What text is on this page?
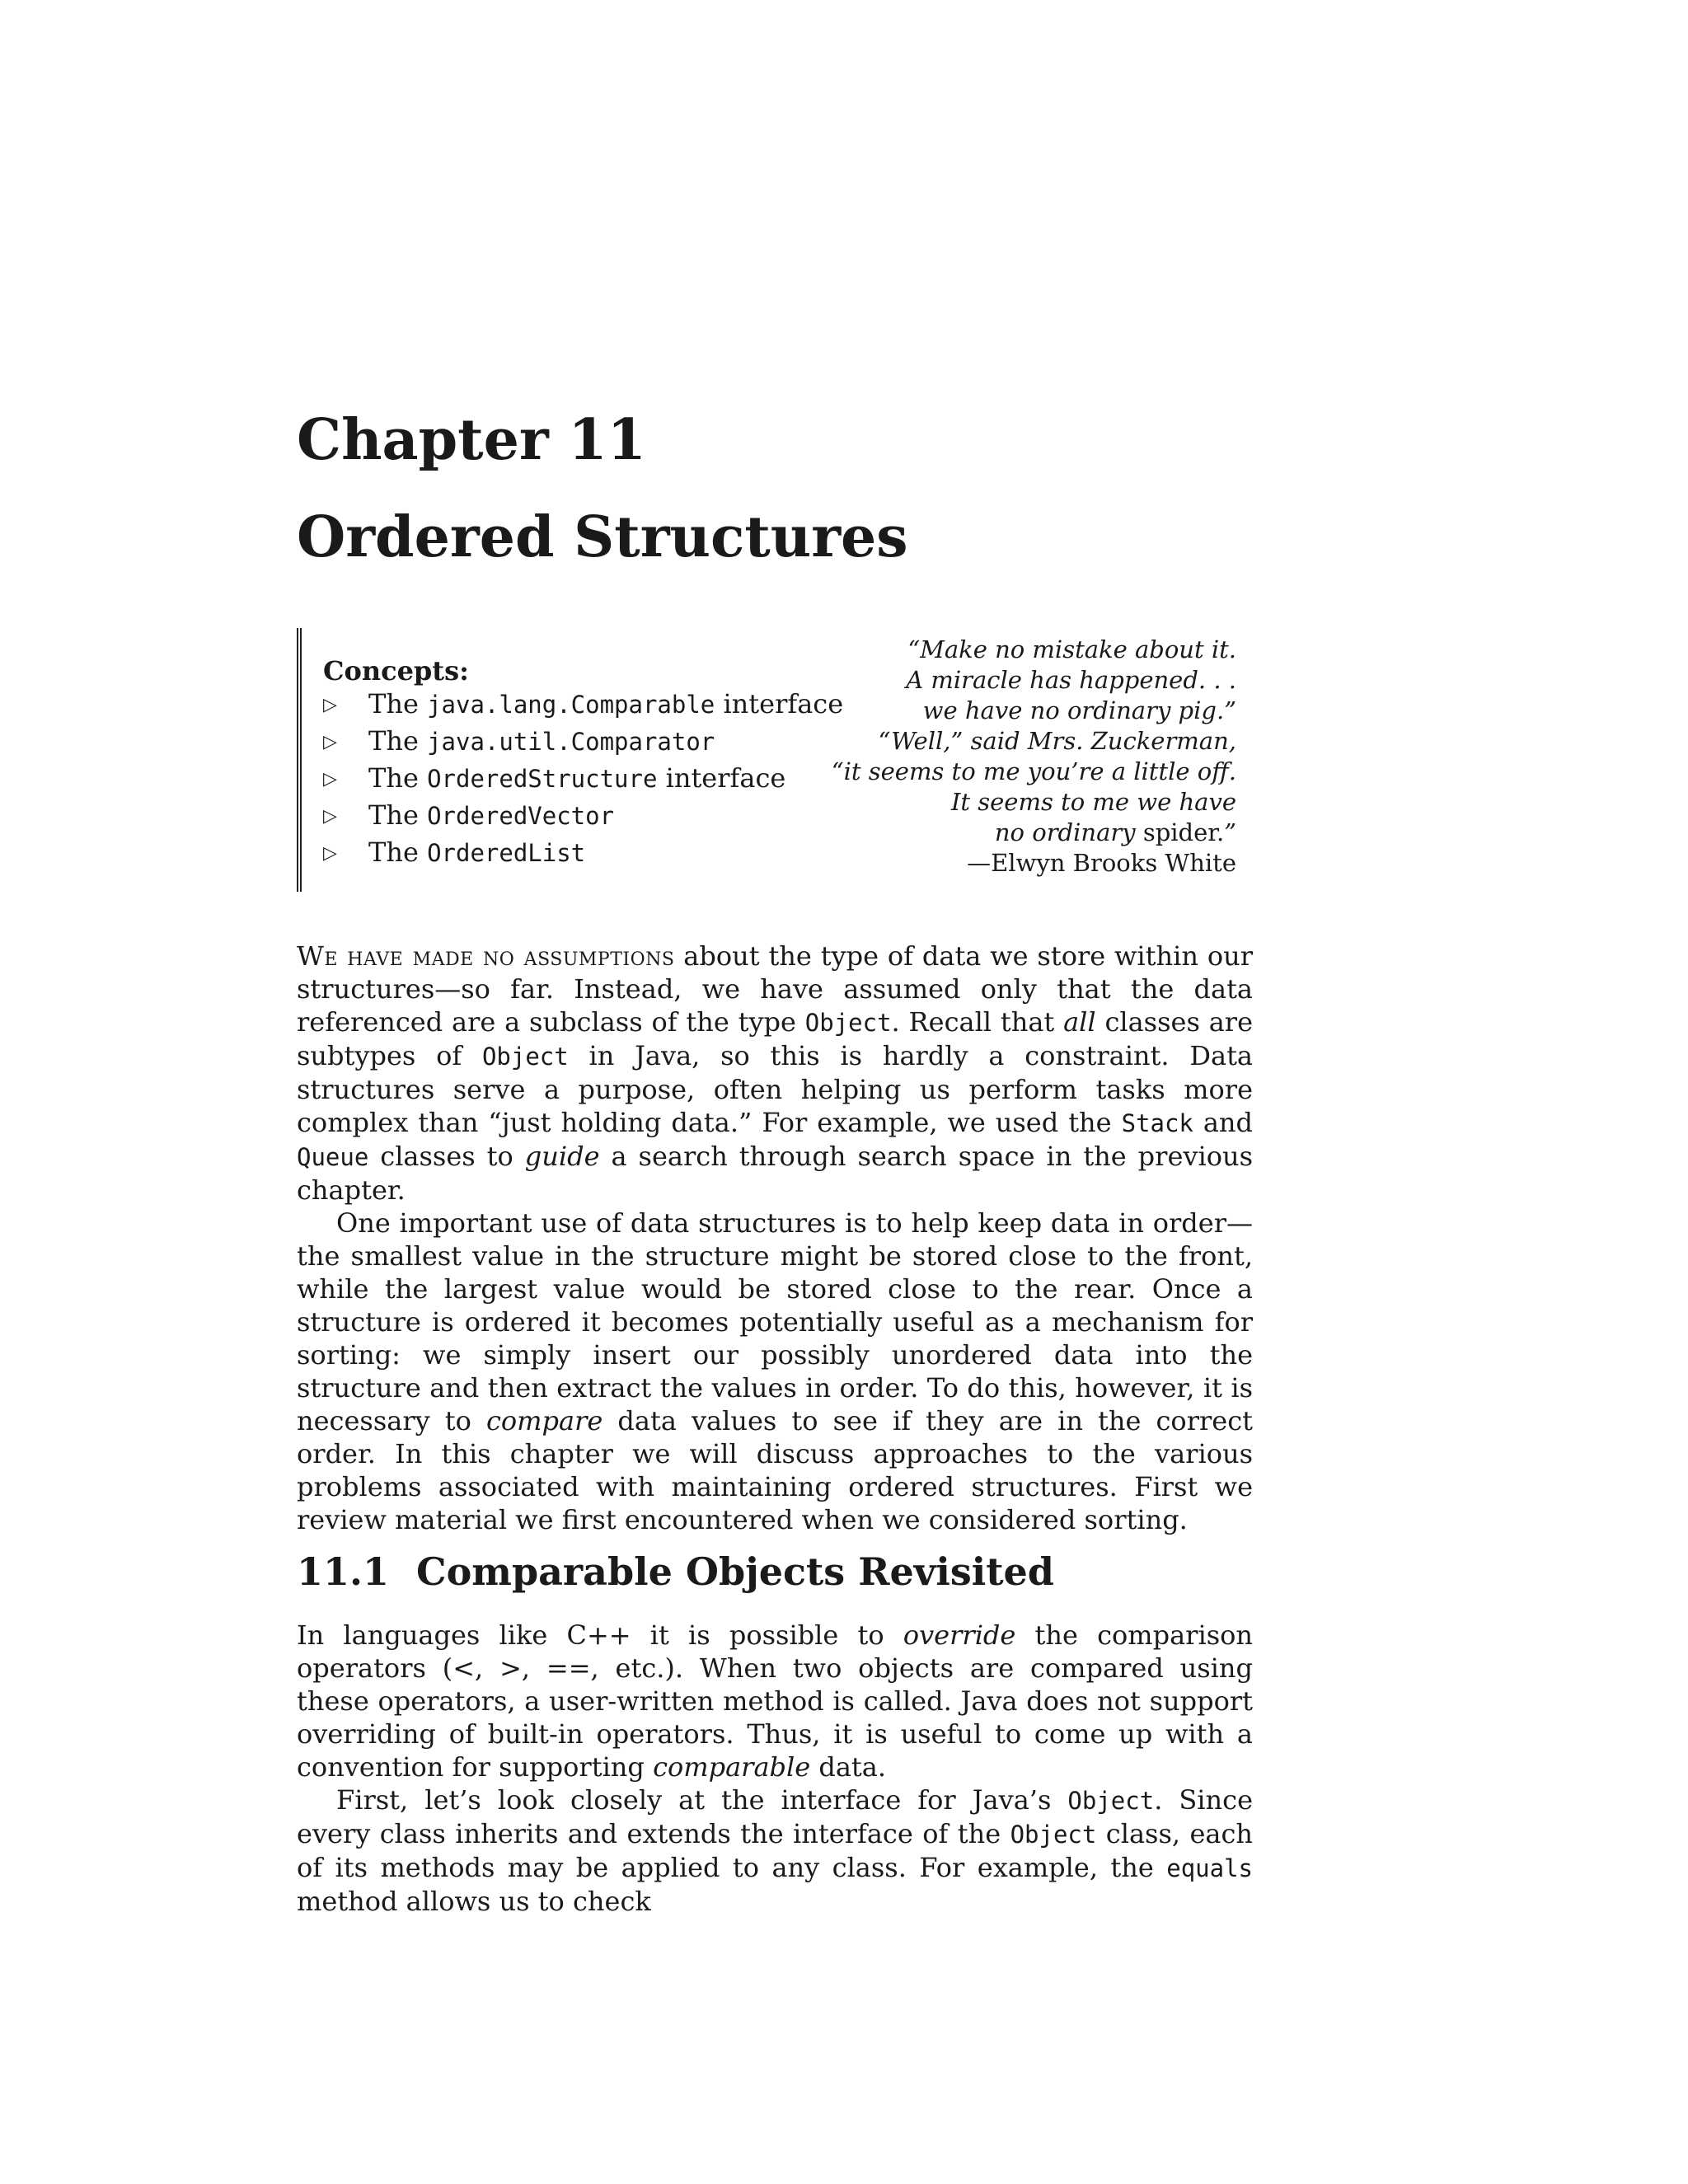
Chapter 11
Ordered Structures
Concepts:
▷	The java.lang.Comparable interface
▷	The java.util.Comparator
▷	The OrderedStructure interface
▷	The OrderedVector
▷	The OrderedList
“Make no mistake about it.
A miracle has happened. . .
we have no ordinary pig.”
“Well,” said Mrs. Zuckerman,
“it seems to me you’re a little off.
It seems to me we have
no ordinary spider.”
—Elwyn Brooks White

We have made no assumptions about the type of data we store within our structures—so far. Instead, we have assumed only that the data referenced are a subclass of the type Object. Recall that all classes are subtypes of Object in Java, so this is hardly a constraint. Data structures serve a purpose, often helping us perform tasks more complex than “just holding data.” For example, we used the Stack and Queue classes to guide a search through search space in the previous chapter.

One important use of data structures is to help keep data in order—the smallest value in the structure might be stored close to the front, while the largest value would be stored close to the rear. Once a structure is ordered it becomes potentially useful as a mechanism for sorting: we simply insert our possibly unordered data into the structure and then extract the values in order. To do this, however, it is necessary to compare data values to see if they are in the correct order. In this chapter we will discuss approaches to the various problems associated with maintaining ordered structures. First we review material we first encountered when we considered sorting.

11.1 Comparable Objects Revisited

In languages like C++ it is possible to override the comparison operators (<, >, ==, etc.). When two objects are compared using these operators, a user-written method is called. Java does not support overriding of built-in operators. Thus, it is useful to come up with a convention for supporting comparable data.

First, let’s look closely at the interface for Java’s Object. Since every class inherits and extends the interface of the Object class, each of its methods may be applied to any class. For example, the equals method allows us to check
